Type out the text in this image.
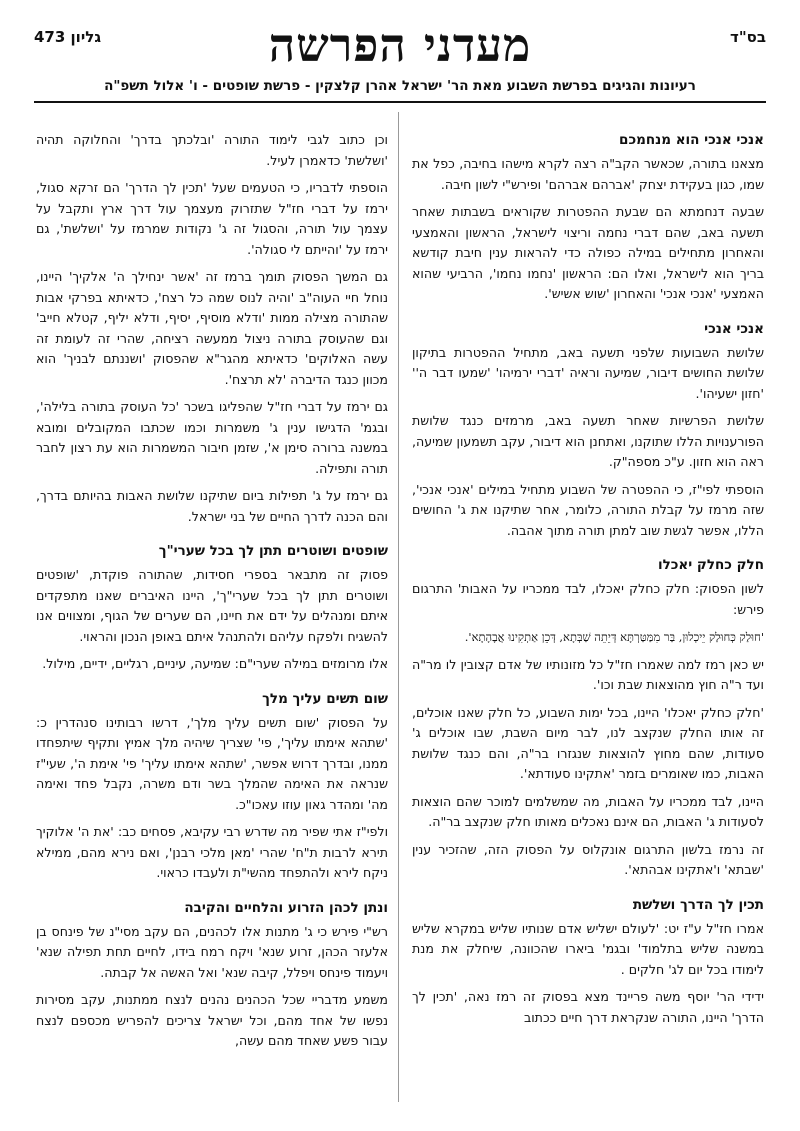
בס"ד
מעדני הפרשה
גליון 473
רעיונות והגיגים בפרשת השבוע מאת הר' ישראל אהרן קלצקין - פרשת שופטים - ו' אלול תשפ"ה
אנכי אנכי הוא מנחמכם

מצאנו בתורה, שכאשר הקב"ה רצה לקרא מישהו בחיבה, כפל את שמו, כגון בעקידת יצחק 'אברהם אברהם' ופירש"י לשון חיבה.

שבעה דנחמתא הם שבעת ההפטרות שקוראים בשבתות שאחר תשעה באב, שהם דברי נחמה וריצוי לישראל, הראשון והאמצעי והאחרון מתחילים במילה כפולה כדי להראות ענין חיבת קודשא בריך הוא לישראל, ואלו הם: הראשון 'נחמו נחמו', הרביעי שהוא האמצעי 'אנכי אנכי' והאחרון 'שוש אשיש'.

אנכי אנכי

שלושת השבועות שלפני תשעה באב, מתחיל ההפטרות בתיקון שלושת החושים דיבור, שמיעה וראיה 'דברי ירמיהו' 'שמעו דבר ה'' 'חזון ישעיהו'.

שלושת הפרשיות שאחר תשעה באב, מרמזים כנגד שלושת הפורענויות הללו שתוקנו, ואתחנן הוא דיבור, עקב תשמעון שמיעה, ראה הוא חזון. ע"כ מספה"ק.

הוספתי לפי"ז, כי ההפטרה של השבוע מתחיל במילים 'אנכי אנכי', שזה מרמז על קבלת התורה, כלומר, אחר שתיקנו את ג' החושים הללו, אפשר לגשת שוב למתן תורה מתוך אהבה.

חלק כחלק יאכלו

לשון הפסוק: חלק כחלק יאכלו, לבד ממכריו על האבות' התרגום פירש:

'חוּלַק כְּחוּלַק יֵיכְלוּן, בַּר מִמַּטַּרְתָּא דְּיֵתֵה שַׁבְּתָא, דְּכֵן אַתְקִינוּ אֲבָהָתָא'.

יש כאן רמז למה שאמרו חז"ל כל מזונותיו של אדם קצובין לו מר"ה ועד ר"ה חוץ מהוצאות שבת וכו'.

'חלק כחלק יאכלו' היינו, בכל ימות השבוע, כל חלק שאנו אוכלים, זה אותו החלק שנקצב לנו, לבר מיום השבת, שבו אוכלים ג' סעודות, שהם מחוץ להוצאות שנגזרו בר"ה, והם כנגד שלושת האבות, כמו שאומרים בזמר 'אתקינו סעודתא'.

היינו, לבד ממכריו על האבות, מה שמשלמים למוכר שהם הוצאות לסעודות ג' האבות, הם אינם נאכלים מאותו חלק שנקצב בר"ה.

זה נרמז בלשון התרגום אונקלוס על הפסוק הזה, שהזכיר ענין 'שבתא' ו'אתקינו אבהתא'.

תכין לך הדרך ושלשת

אמרו חז"ל ע"ז יט: 'לעולם ישליש אדם שנותיו שליש במקרא שליש במשנה שליש בתלמוד' ובגמ' ביארו שהכוונה, שיחלק את מנת לימודו בכל יום לג' חלקים .

ידידי הר' יוסף משה פריינד מצא בפסוק זה רמז נאה, 'תכין לך הדרך' היינו, התורה שנקראת דרך חיים ככתוב

וכן כתוב לגבי לימוד התורה 'ובלכתך בדרך' והחלוקה תהיה 'ושלשת' כדאמרן לעיל.

הוספתי לדבריו, כי הטעמים שעל 'תכין לך הדרך' הם זרקא סגול, ירמז על דברי חז"ל שתזרוק מעצמך עול דרך ארץ ותקבל על עצמך עול תורה, והסגול זה ג' נקודות שמרמז על 'ושלשת', גם ירמז על 'והייתם לי סגולה'.

גם המשך הפסוק תומך ברמז זה 'אשר ינחילך ה' אלקיך' היינו, נוחל חיי העוה"ב 'והיה לנוס שמה כל רצח', כדאיתא בפרקי אבות שהתורה מצילה ממות 'ודלא מוסיף, יסיף, ודלא יליף, קטלא חייב' וגם שהעוסק בתורה ניצול ממעשה רציחה, שהרי זה לעומת זה עשה האלוקים' כדאיתא מהגר"א שהפסוק 'ושננתם לבניך' הוא מכוון כנגד הדיברה 'לא תרצח'.

גם ירמז על דברי חז"ל שהפליגו בשכר 'כל העוסק בתורה בלילה', ובגמ' הדגישו ענין ג' משמרות וכמו שכתבו המקובלים ומובא במשנה ברורה סימן א', שזמן חיבור המשמרות הוא עת רצון לחבר תורה ותפילה.

גם ירמז על ג' תפילות ביום שתיקנו שלושת האבות בהיותם בדרך, והם הכנה לדרך החיים של בני ישראל.

שופטים ושוטרים תתן לך בכל שערי"ך

פסוק זה מתבאר בספרי חסידות, שהתורה פוקדת, 'שופטים ושוטרים תתן לך בכל שערי"ך', היינו האיברים שאנו מתפקדים איתם ומנהלים על ידם את חיינו, הם שערים של הגוף, ומצווים אנו להשגיח ולפקח עליהם ולהתנהל איתם באופן הנכון והראוי.

אלו מרומזים במילה שערי"ם: שמיעה, עיניים, רגליים, ידיים, מילול.

שום תשים עליך מלך

על הפסוק 'שום תשים עליך מלך', דרשו רבותינו סנהדרין כ: 'שתהא אימתו עליך', פי' שצריך שיהיה מלך אמיץ ותקיף שיתפחדו ממנו, ובדרך דרוש אפשר, 'שתהא אימתו עליך' פי' אימת ה', שעי"ז שנראה את האימה שהמלך בשר ודם משרה, נקבל פחד ואימה מה' ומהדר גאון עוזו עאכו"כ.

ולפי"ז אתי שפיר מה שדרש רבי עקיבא, פסחים כב: 'את ה' אלוקיך תירא לרבות ת"ח' שהרי 'מאן מלכי רבנן', ואם נירא מהם, ממילא ניקח לירא ולהתפחד מהשי"ת ולעבדו כראוי.

ונתן לכהן הזרוע והלחיים והקיבה

רש"י פירש כי ג' מתנות אלו לכהנים, הם עקב מסי"נ של פינחס בן אלעזר הכהן, זרוע שנא' ויקח רמח בידו, לחיים תחת תפילה שנא' ויעמוד פינחס ויפלל, קיבה שנא' ואל האשה אל קבתה.

משמע מדבריי שכל הכהנים נהנים לנצח ממתנות, עקב מסירות נפשו של אחד מהם, וכל ישראל צריכים להפריש מכספם לנצח עבור פשע שאחד מהם עשה,
